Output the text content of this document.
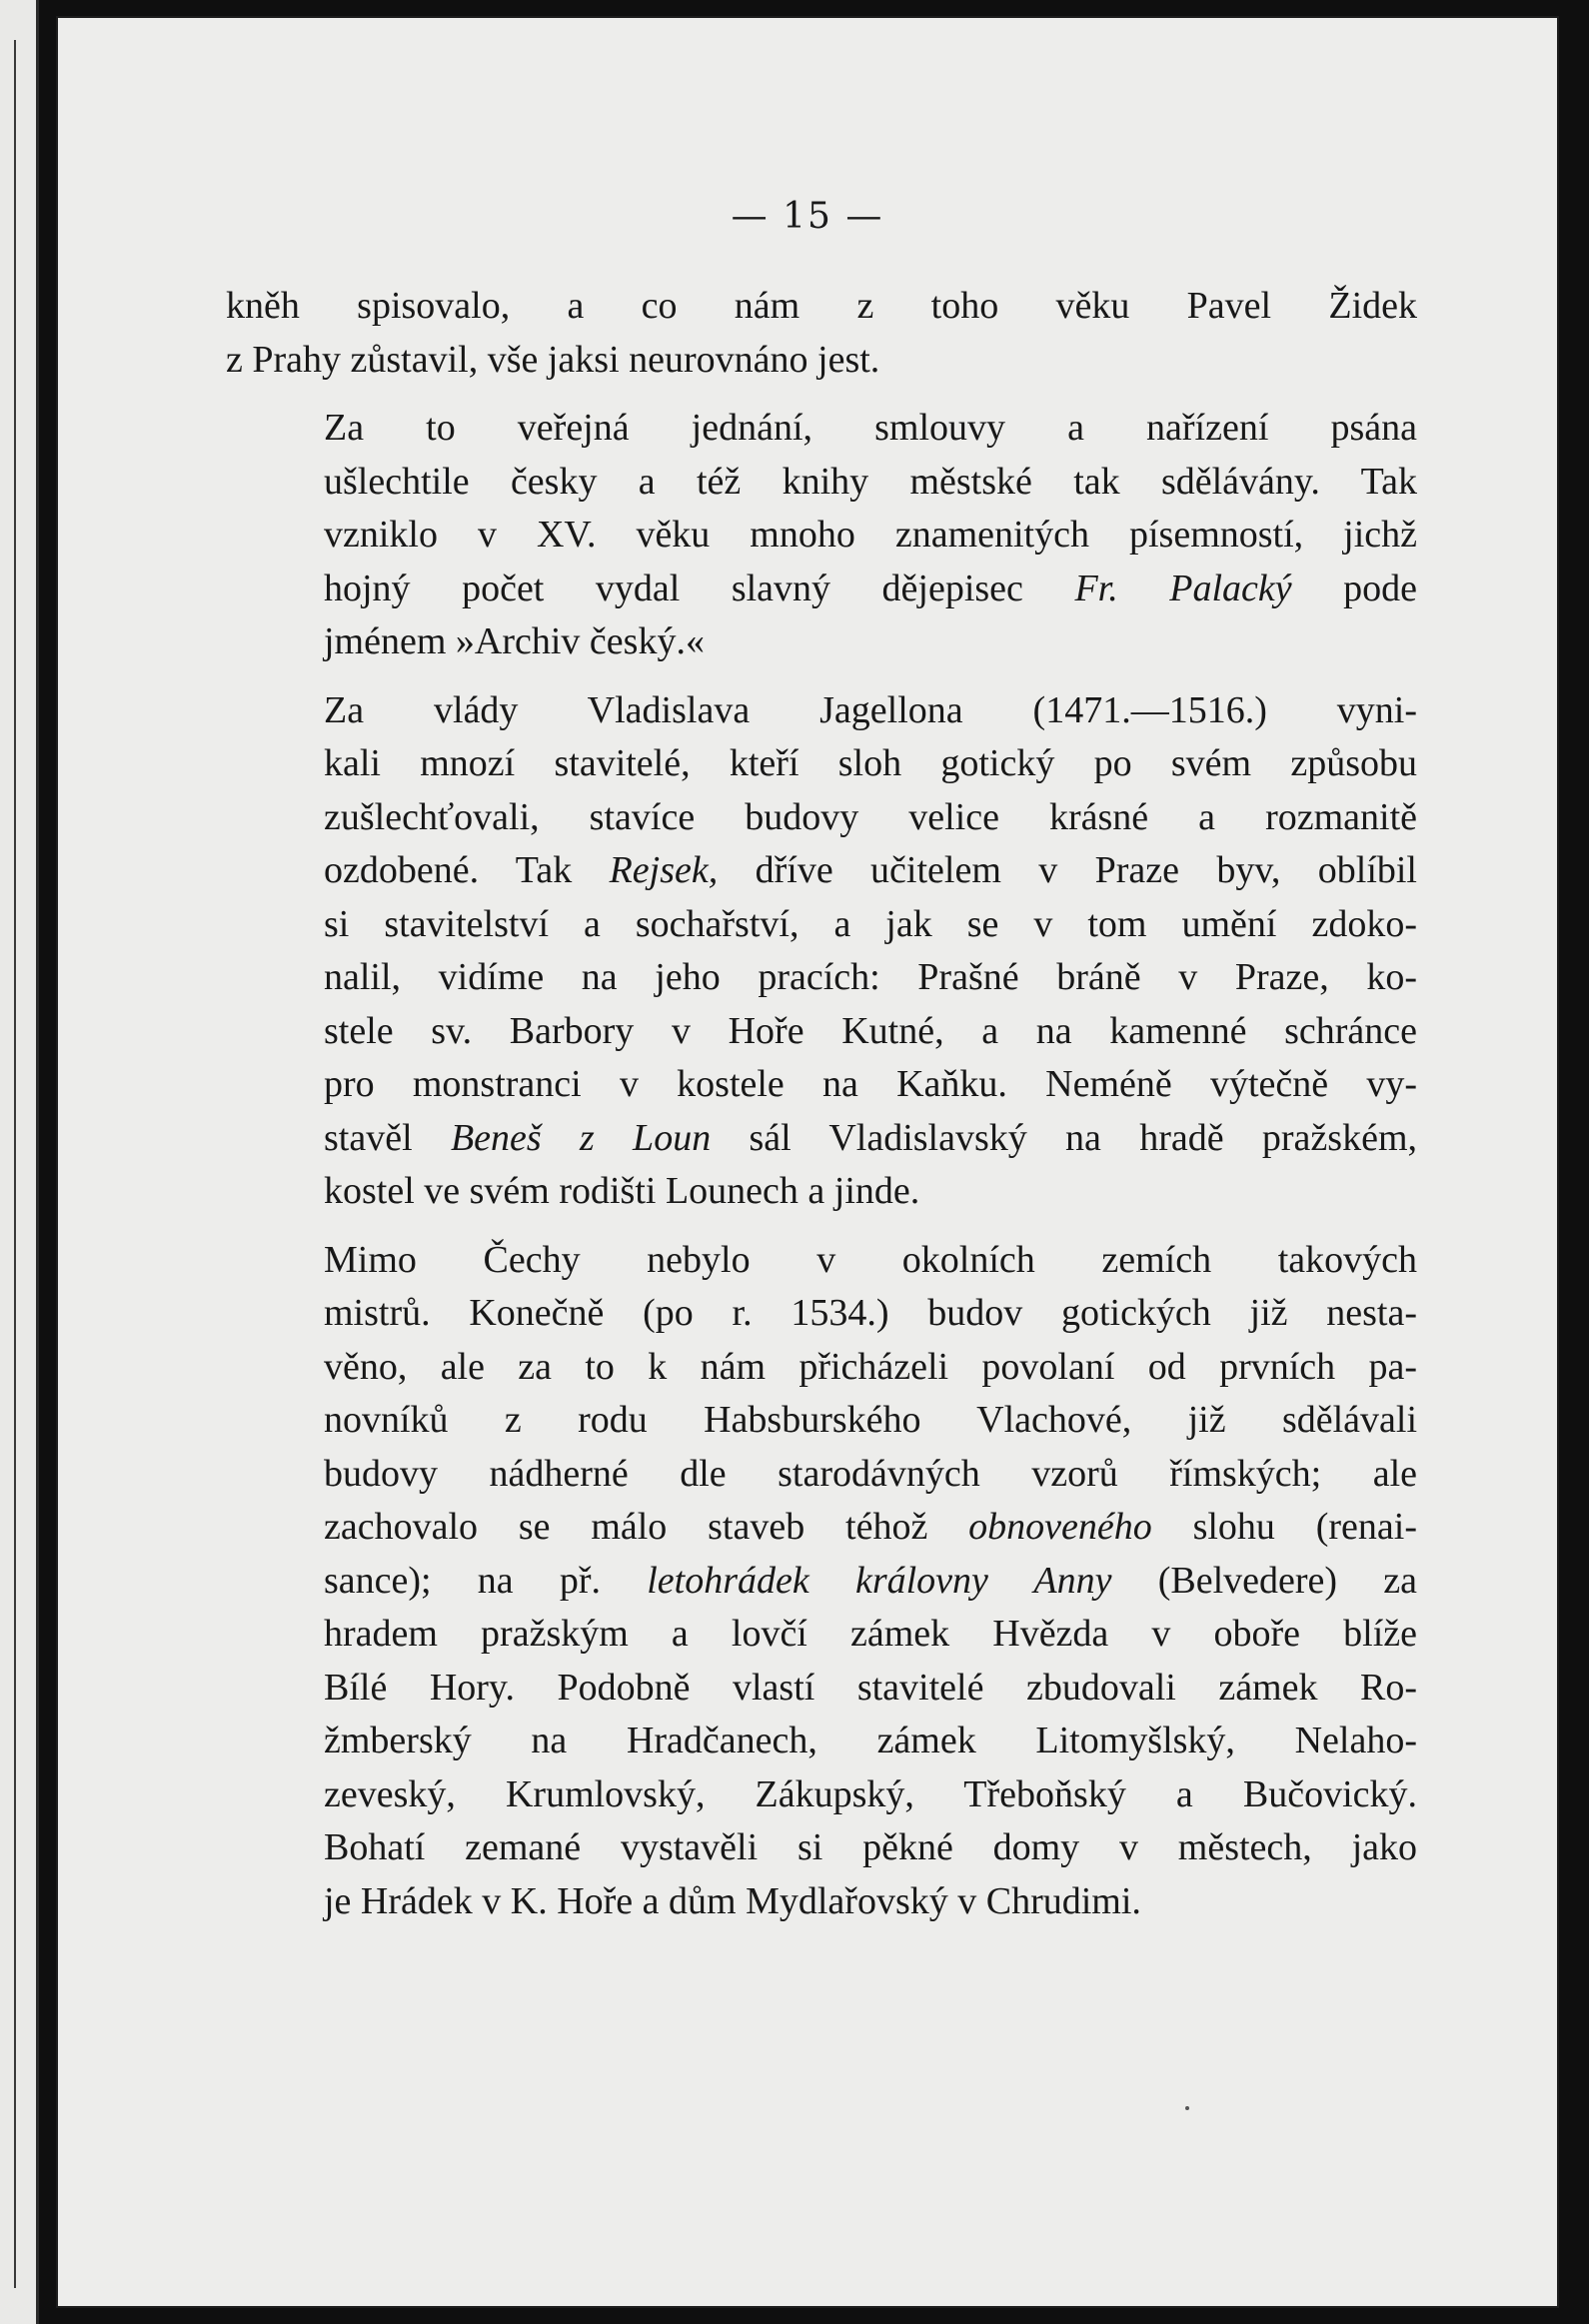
— 15 —

kněh spisovalo, a co nám z toho věku Pavel Židek
z Prahy zůstavil, vše jaksi neurovnáno jest.

Za to veřejná jednání, smlouvy a nařízení psána
ušlechtile česky a též knihy městské tak sdělávány. Tak
vzniklo v XV. věku mnoho znamenitých písemností, jichž
hojný počet vydal slavný dějepisec Fr. Palacký pode
jménem »Archiv český.«

Za vlády Vladislava Jagellona (1471.—1516.) vyni-
kali mnozí stavitelé, kteří sloh gotický po svém způsobu
zušlechťovali, stavíce budovy velice krásné a rozmanitě
ozdobené. Tak Rejsek, dříve učitelem v Praze byv, oblíbil
si stavitelství a sochařství, a jak se v tom umění zdoko-
nalil, vidíme na jeho pracích: Prašné bráně v Praze, ko-
stele sv. Barbory v Hoře Kutné, a na kamenné schránce
pro monstranci v kostele na Kaňku. Neméně výtečně vy-
stavěl Beneš z Loun sál Vladislavský na hradě pražském,
kostel ve svém rodišti Lounech a jinde.

Mimo Čechy nebylo v okolních zemích takových
mistrů. Konečně (po r. 1534.) budov gotických již nesta-
věno, ale za to k nám přicházeli povolaní od prvních pa-
novníků z rodu Habsburského Vlachové, již sdělávali
budovy nádherné dle starodávných vzorů římských; ale
zachovalo se málo staveb téhož obnoveného slohu (renai-
sance); na př. letohrádek královny Anny (Belvedere) za
hradem pražským a lovčí zámek Hvězda v oboře blíže
Bílé Hory. Podobně vlastí stavitelé zbudovali zámek Ro-
žmberský na Hradčanech, zámek Litomyšlský, Nelaho-
zeveský, Krumlovský, Zákupský, Třeboňský a Bučovický.
Bohatí zemané vystavěli si pěkné domy v městech, jako
je Hrádek v K. Hoře a dům Mydlařovský v Chrudimi.
